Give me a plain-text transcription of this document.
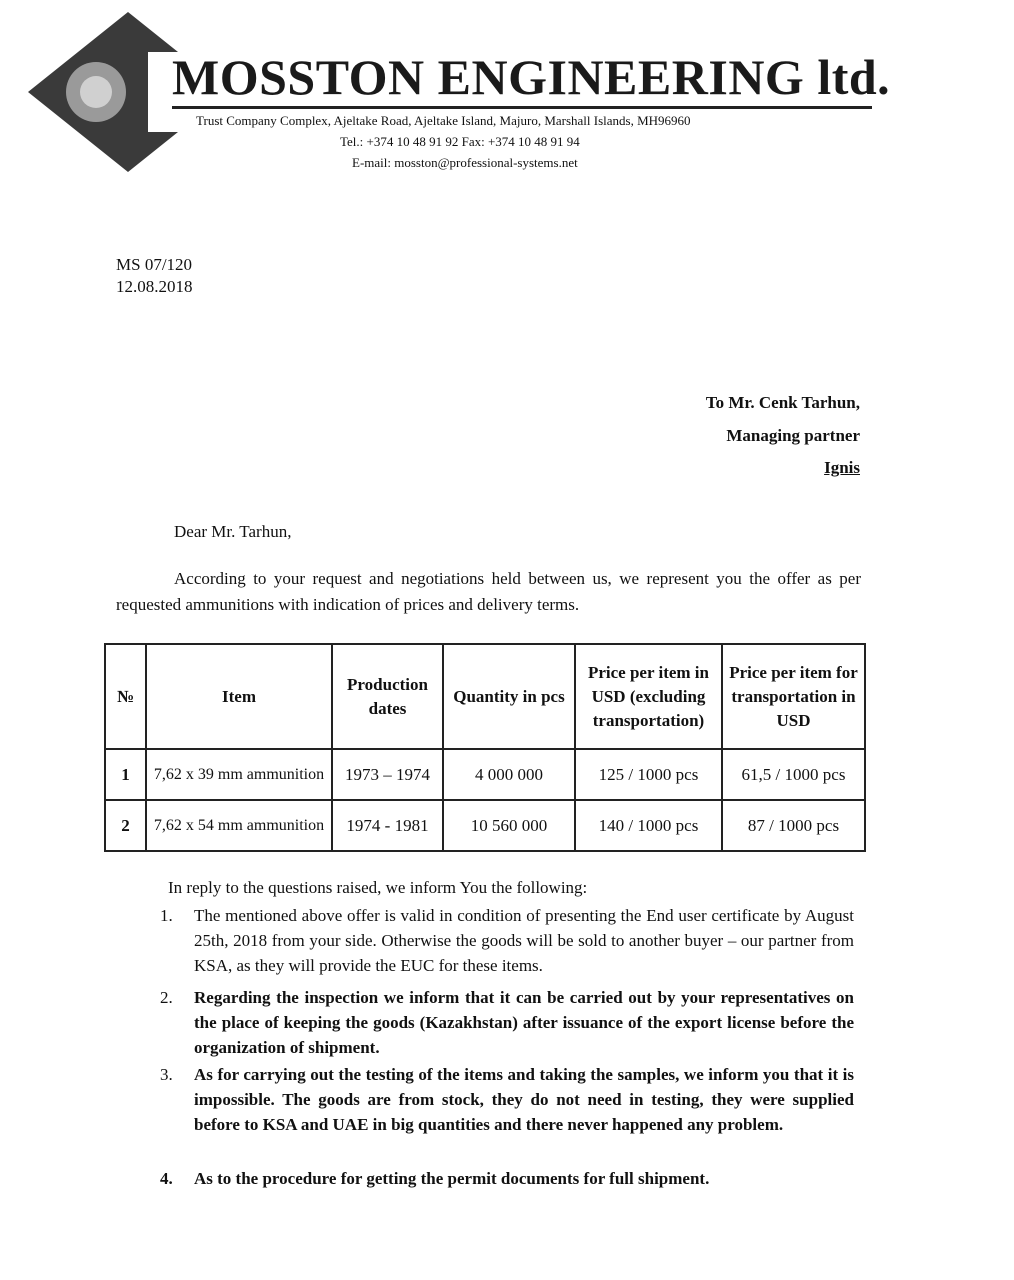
MOSSTON ENGINEERING ltd.
Trust Company Complex, Ajeltake Road, Ajeltake Island, Majuro, Marshall Islands, MH96960
Tel.: +374 10 48 91 92 Fax: +374 10 48 91 94
E-mail: mosston@professional-systems.net
MS 07/120
12.08.2018
To Mr. Cenk Tarhun,
Managing partner
Ignis
Dear Mr. Tarhun,
According to your request and negotiations held between us, we represent you the offer as per requested ammunitions with indication of prices and delivery terms.
№	Item	Production dates	Quantity in pcs	Price per item in USD (excluding transportation)	Price per item for transportation in USD
1	7,62 x 39 mm ammunition	1973 – 1974	4 000 000	125 / 1000 pcs	61,5 / 1000 pcs
2	7,62 x 54 mm ammunition	1974 - 1981	10 560 000	140 / 1000 pcs	87 / 1000 pcs
In reply to the questions raised, we inform You the following:
1. The mentioned above offer is valid in condition of presenting the End user certificate by August 25th, 2018 from your side. Otherwise the goods will be sold to another buyer – our partner from KSA, as they will provide the EUC for these items.
2. Regarding the inspection we inform that it can be carried out by your representatives on the place of keeping the goods (Kazakhstan) after issuance of the export license before the organization of shipment.
3. As for carrying out the testing of the items and taking the samples, we inform you that it is impossible. The goods are from stock, they do not need in testing, they were supplied before to KSA and UAE in big quantities and there never happened any problem.
4. As to the procedure for getting the permit documents for full shipment.
